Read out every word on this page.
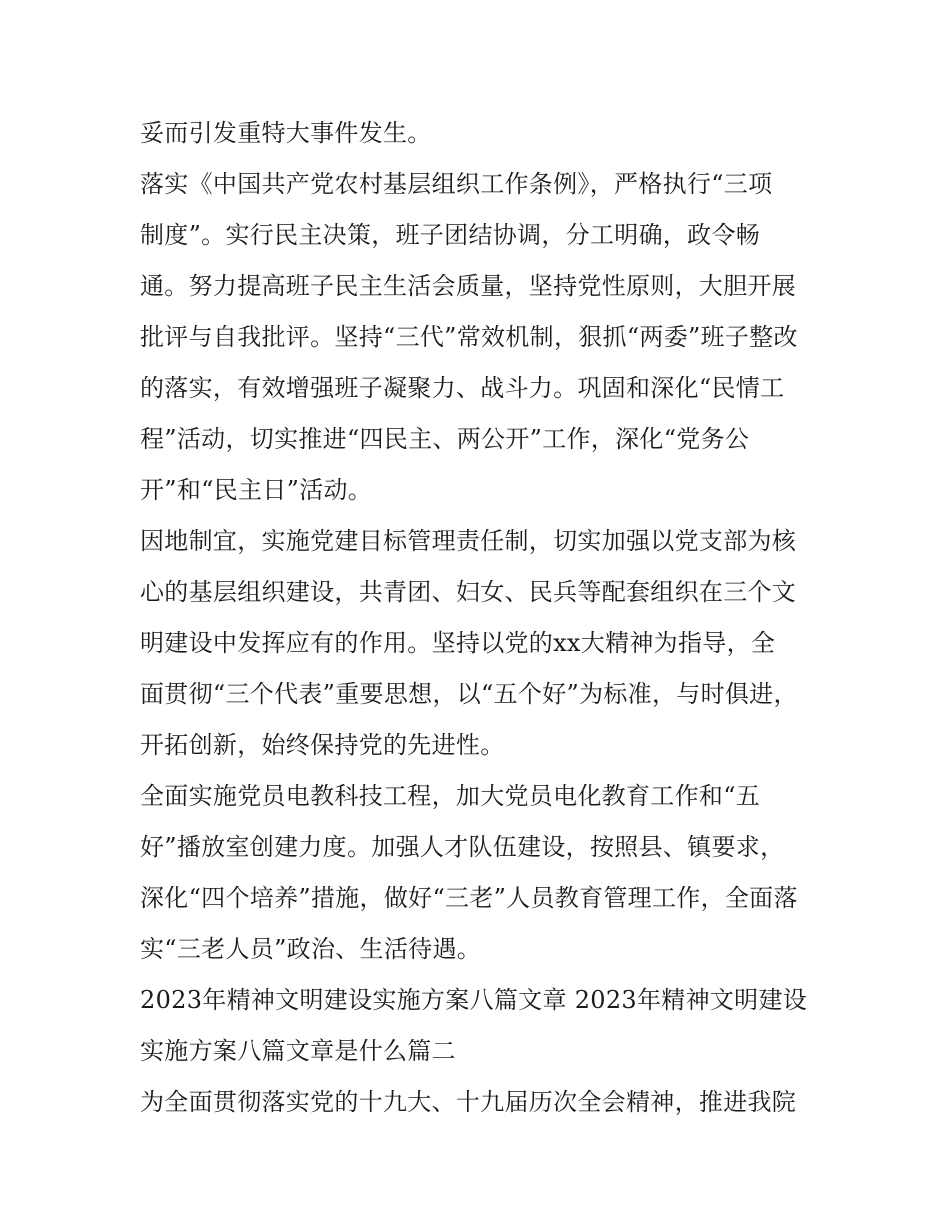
妥而引发重特大事件发生。
落实《中国共产党农村基层组织工作条例》，严格执行“三项
制度”。实行民主决策，班子团结协调，分工明确，政令畅
通。努力提高班子民主生活会质量，坚持党性原则，大胆开展
批评与自我批评。坚持“三代”常效机制，狠抓“两委”班子整改
的落实，有效增强班子凝聚力、战斗力。巩固和深化“民情工
程”活动，切实推进“四民主、两公开”工作，深化“党务公
开”和“民主日”活动。
因地制宜，实施党建目标管理责任制，切实加强以党支部为核
心的基层组织建设，共青团、妇女、民兵等配套组织在三个文
明建设中发挥应有的作用。坚持以党的xx大精神为指导，全
面贯彻“三个代表”重要思想，以“五个好”为标准，与时俱进，
开拓创新，始终保持党的先进性。
全面实施党员电教科技工程，加大党员电化教育工作和“五
好”播放室创建力度。加强人才队伍建设，按照县、镇要求，
深化“四个培养”措施，做好“三老”人员教育管理工作，全面落
实“三老人员”政治、生活待遇。
2023年精神文明建设实施方案八篇文章 2023年精神文明建设
实施方案八篇文章是什么篇二
为全面贯彻落实党的十九大、十九届历次全会精神，推进我院
